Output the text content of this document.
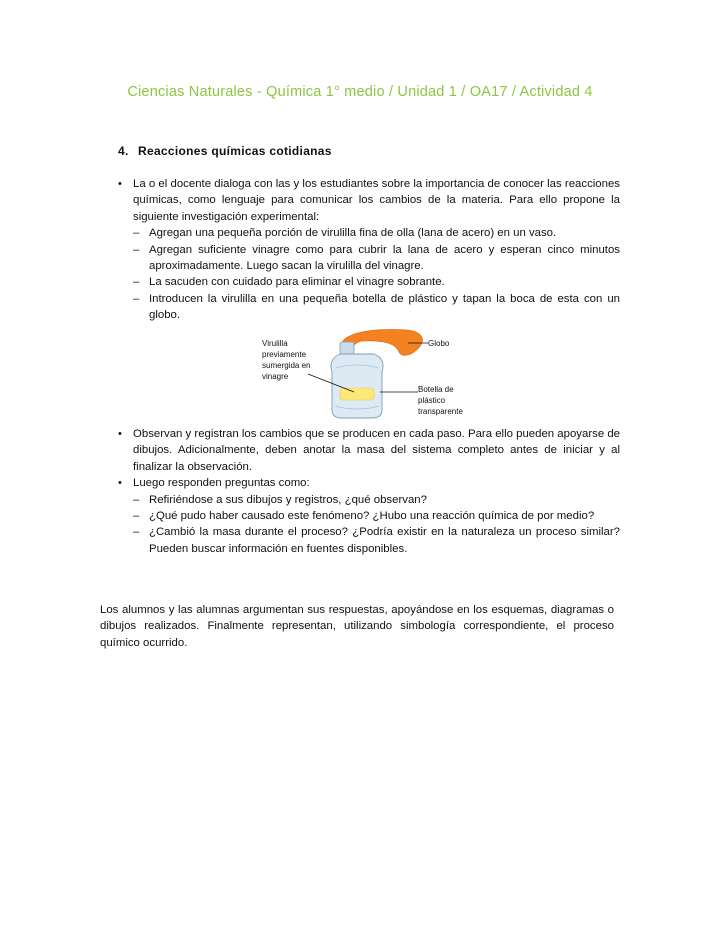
Ciencias Naturales - Química 1° medio / Unidad 1 / OA17 / Actividad 4
4. Reacciones químicas cotidianas
• La o el docente dialoga con las y los estudiantes sobre la importancia de conocer las reacciones químicas, como lenguaje para comunicar los cambios de la materia. Para ello propone la siguiente investigación experimental:
– Agregan una pequeña porción de virulilla fina de olla (lana de acero) en un vaso.
– Agregan suficiente vinagre como para cubrir la lana de acero y esperan cinco minutos aproximadamente. Luego sacan la virulilla del vinagre.
– La sacuden con cuidado para eliminar el vinagre sobrante.
– Introducen la virulilla en una pequeña botella de plástico y tapan la boca de esta con un globo.
Virulilla previamente sumergida en vinagre
Globo
Botella de plástico transparente
• Observan y registran los cambios que se producen en cada paso. Para ello pueden apoyarse de dibujos. Adicionalmente, deben anotar la masa del sistema completo antes de iniciar y al finalizar la observación.
• Luego responden preguntas como:
– Refiriéndose a sus dibujos y registros, ¿qué observan?
– ¿Qué pudo haber causado este fenómeno? ¿Hubo una reacción química de por medio?
– ¿Cambió la masa durante el proceso? ¿Podría existir en la naturaleza un proceso similar? Pueden buscar información en fuentes disponibles.

Los alumnos y las alumnas argumentan sus respuestas, apoyándose en los esquemas, diagramas o dibujos realizados. Finalmente representan, utilizando simbología correspondiente, el proceso químico ocurrido.
